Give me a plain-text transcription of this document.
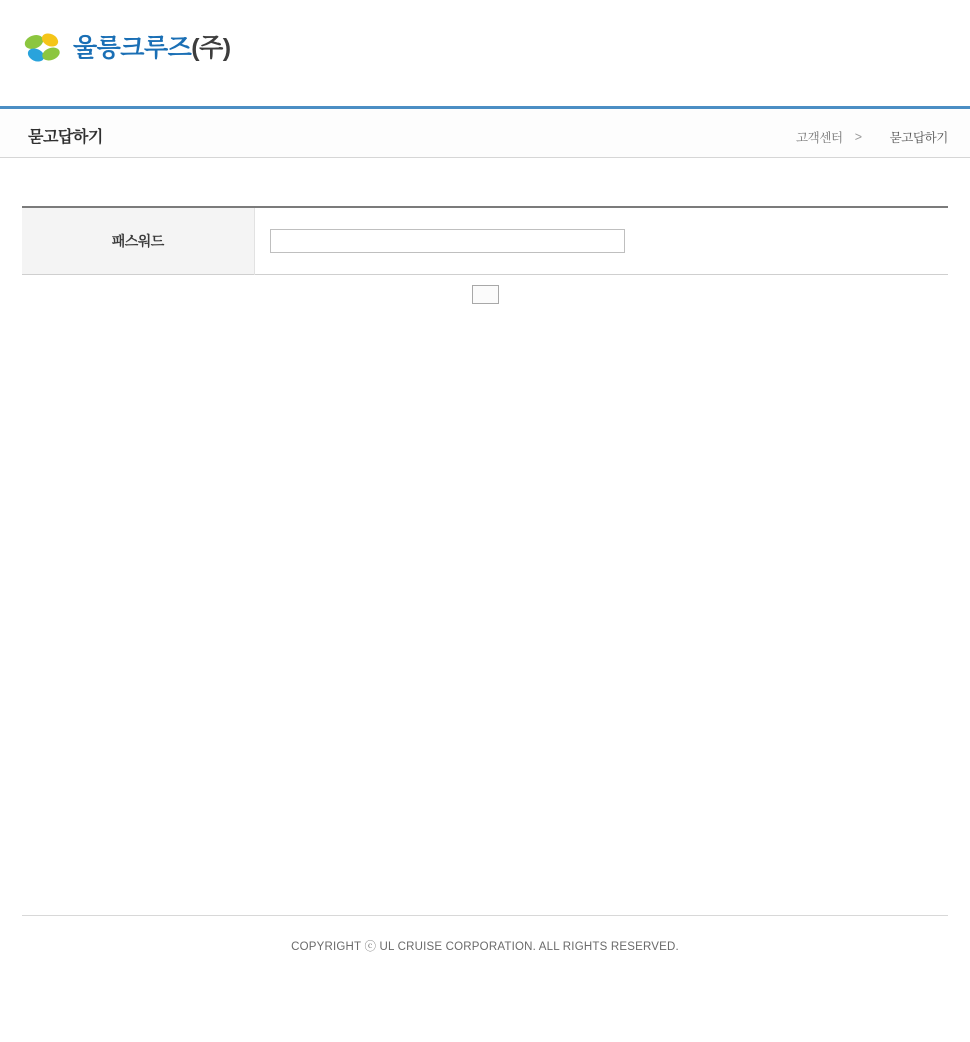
울릉크루즈(주)
묻고답하기	고객센터 >	묻고답하기
패스워드	
COPYRIGHT ⓒ UL CRUISE CORPORATION. ALL RIGHTS RESERVED.
